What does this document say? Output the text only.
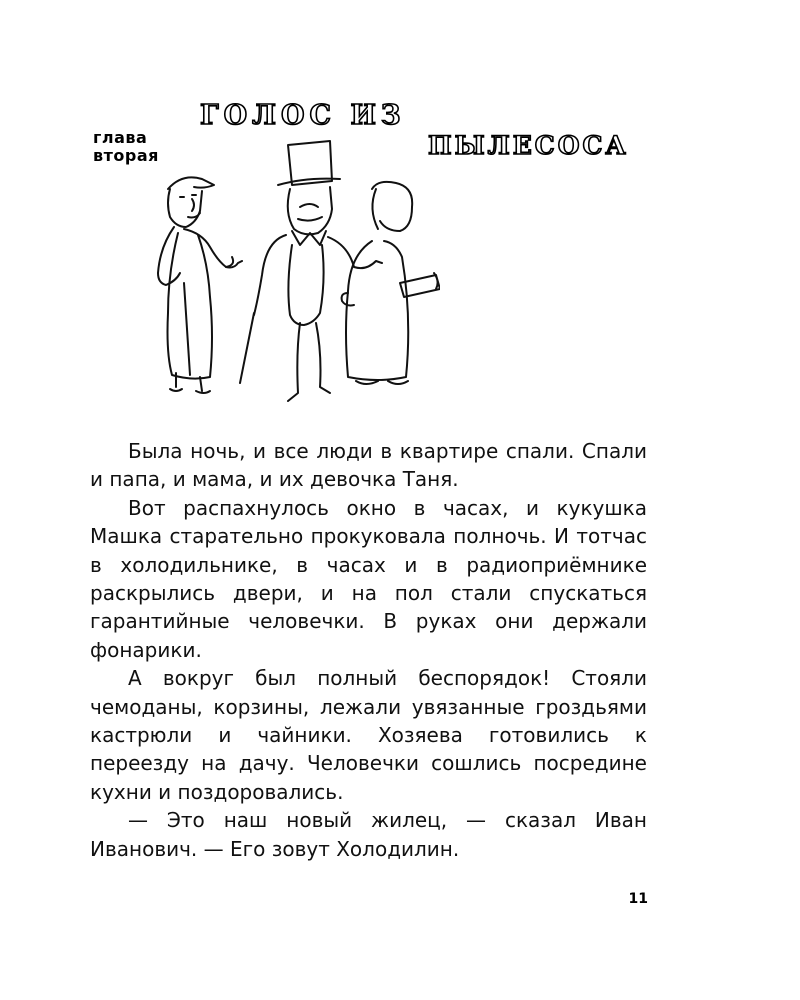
глава
вторая
ГОЛОС ИЗ
ПЫЛЕСОСА

Была ночь, и все люди в квартире спали. Спали и папа, и мама, и их девочка Таня.

Вот распахнулось окно в часах, и кукушка Машка старательно прокуковала полночь. И тотчас в холодильнике, в часах и в радиоприёмнике раскрылись двери, и на пол стали спускаться гарантийные человечки. В руках они держали фонарики.

А вокруг был полный беспорядок! Стояли чемоданы, корзины, лежали увязанные гроздьями кастрюли и чайники. Хозяева готовились к переезду на дачу. Человечки сошлись посредине кухни и поздоровались.

— Это наш новый жилец, — сказал Иван Иванович. — Его зовут Холодилин.

11
